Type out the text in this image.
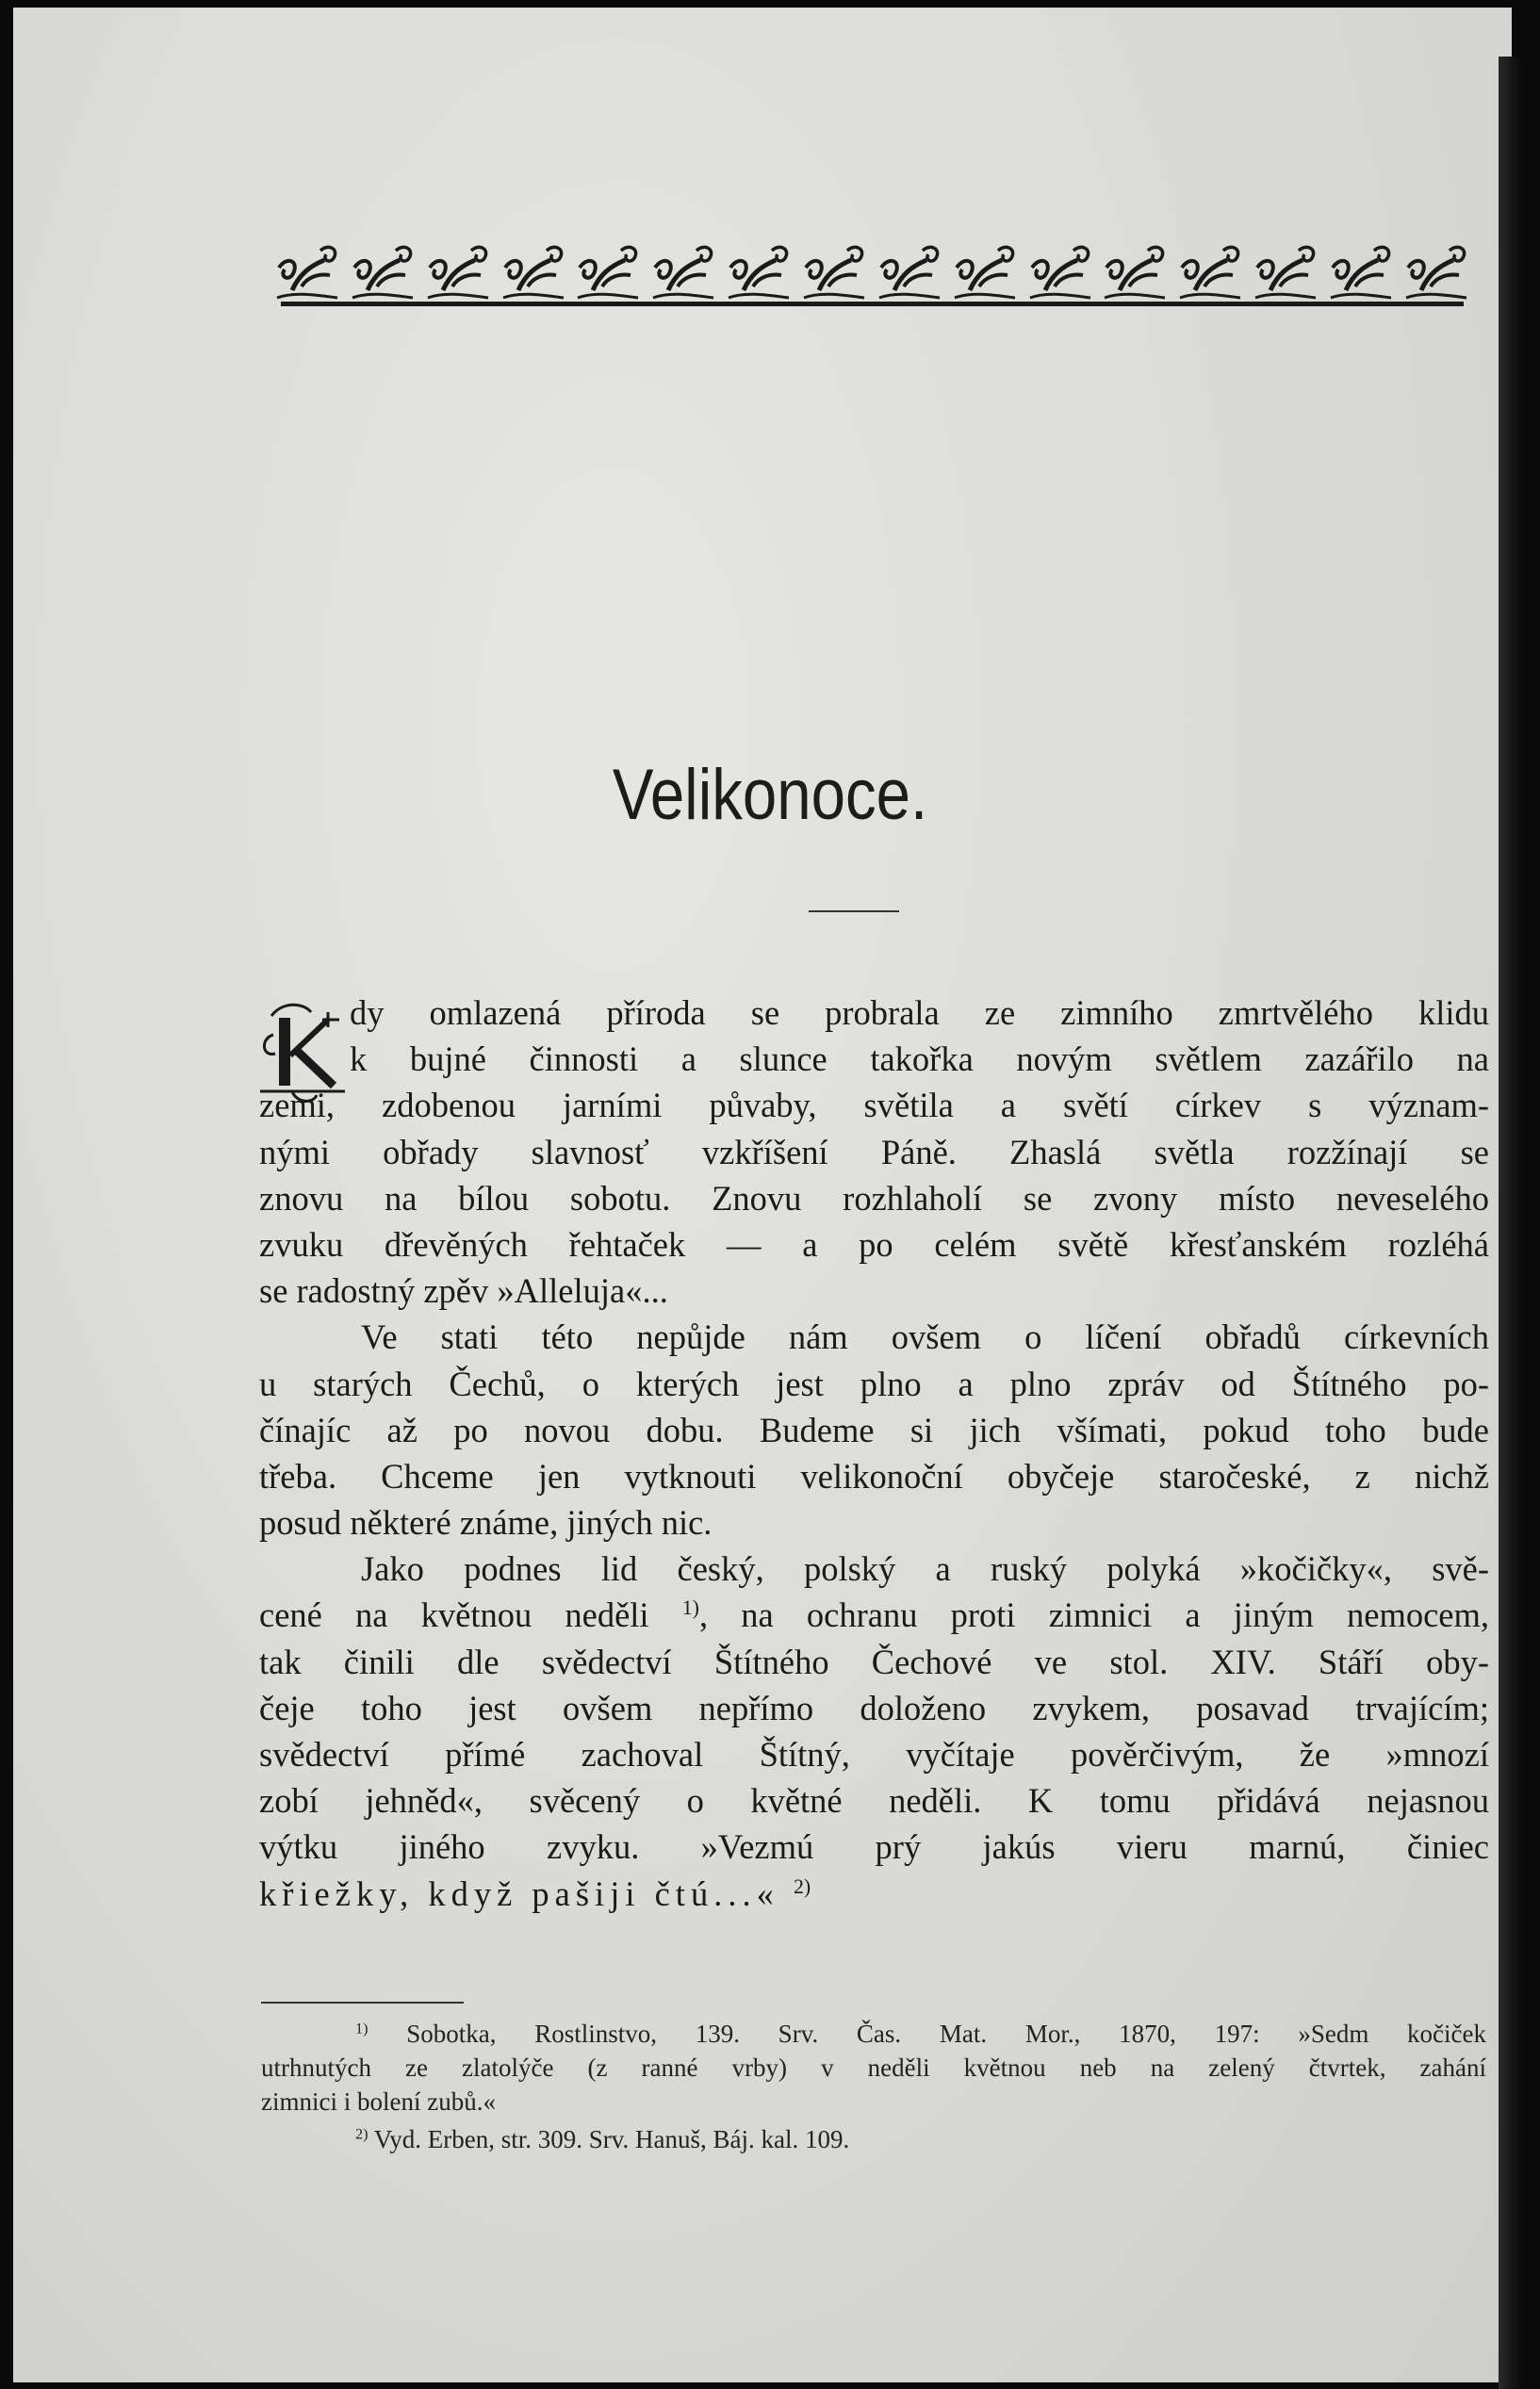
Velikonoce.
dy omlazená příroda se probrala ze zimního zmrtvělého klidu
k bujné činnosti a slunce takořka novým světlem zazářilo na
zemi, zdobenou jarními půvaby, světila a světí církev s význam-
nými obřady slavnosť vzkříšení Páně. Zhaslá světla rozžínají se
znovu na bílou sobotu. Znovu rozhlaholí se zvony místo neveselého
zvuku dřevěných řehtaček — a po celém světě křesťanském rozléhá
se radostný zpěv »Alleluja«...
Ve stati této nepůjde nám ovšem o líčení obřadů církevních
u starých Čechů, o kterých jest plno a plno zpráv od Štítného po-
čínajíc až po novou dobu. Budeme si jich všímati, pokud toho bude
třeba. Chceme jen vytknouti velikonoční obyčeje staročeské, z nichž
posud některé známe, jiných nic.
Jako podnes lid český, polský a ruský polyká »kočičky«, svě-
cené na květnou neděli $^{1)}$, na ochranu proti zimnici a jiným nemocem,
tak činili dle svědectví Štítného Čechové ve stol. XIV. Stáří oby-
čeje toho jest ovšem nepřímo doloženo zvykem, posavad trvajícím;
svědectví přímé zachoval Štítný, vyčítaje pověrčivým, že »mnozí
zobí jehněd«, svěcený o květné neděli. K tomu přidává nejasnou
výtku jiného zvyku. »Vezmú prý jakús vieru marnú, činiec
křiežky, když pašiji čtú...« $^{2)}$
$^{1)}$ Sobotka, Rostlinstvo, 139. Srv. Čas. Mat. Mor., 1870, 197: »Sedm kočiček
utrhnutých ze zlatolýče (z ranné vrby) v neděli květnou neb na zelený čtvrtek, zahání
zimnici i bolení zubů.«
$^{2)}$ Vyd. Erben, str. 309. Srv. Hanuš, Báj. kal. 109.
